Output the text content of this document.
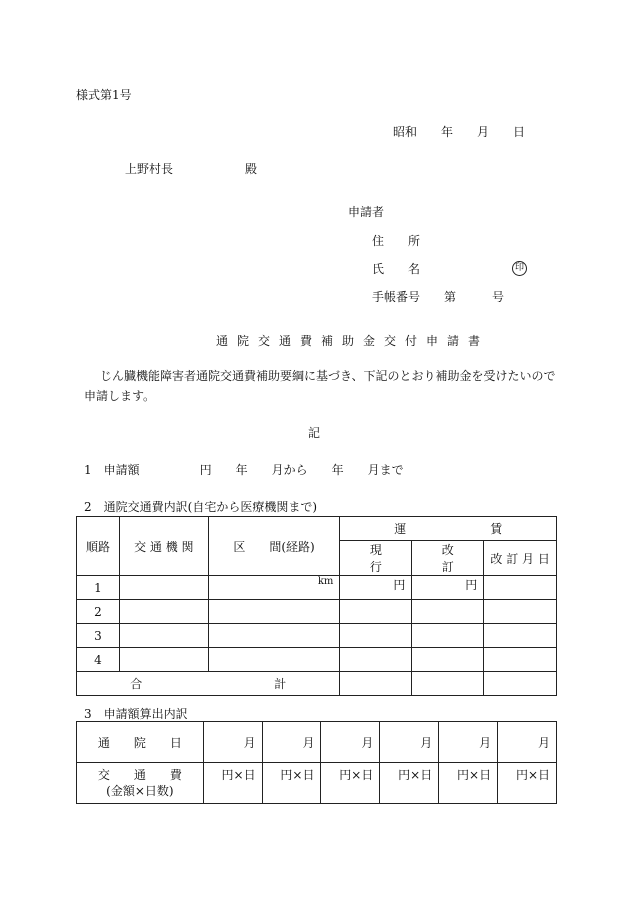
様式第1号
昭和　　年　　月　　日
上野村長　　　　　　殿
申請者
住　　所
氏　　名	印
手帳番号　　第　　　号
通院交通費補助金交付申請書
じん臓機能障害者通院交通費補助要綱に基づき、下記のとおり補助金を受けたいので
申請します。
記
1　申請額　　　　　円　　年　　月から　　年　　月まで
2　通院交通費内訳(自宅から医療機関まで)
順路	交 通 機 関	区　　間(経路)	運　　　　　　　賃		
			現　　　　行	改　　　　訂	改 訂 月 日
1		km	円	円	
2					
3					
4					
合　　　　　　　　　　　計					
3　申請額算出内訳
通　　院　　日	月	月	月	月	月	月

交　　通　　費
(金額×日数)	円×日	円×日	円×日	円×日	円×日	円×日
